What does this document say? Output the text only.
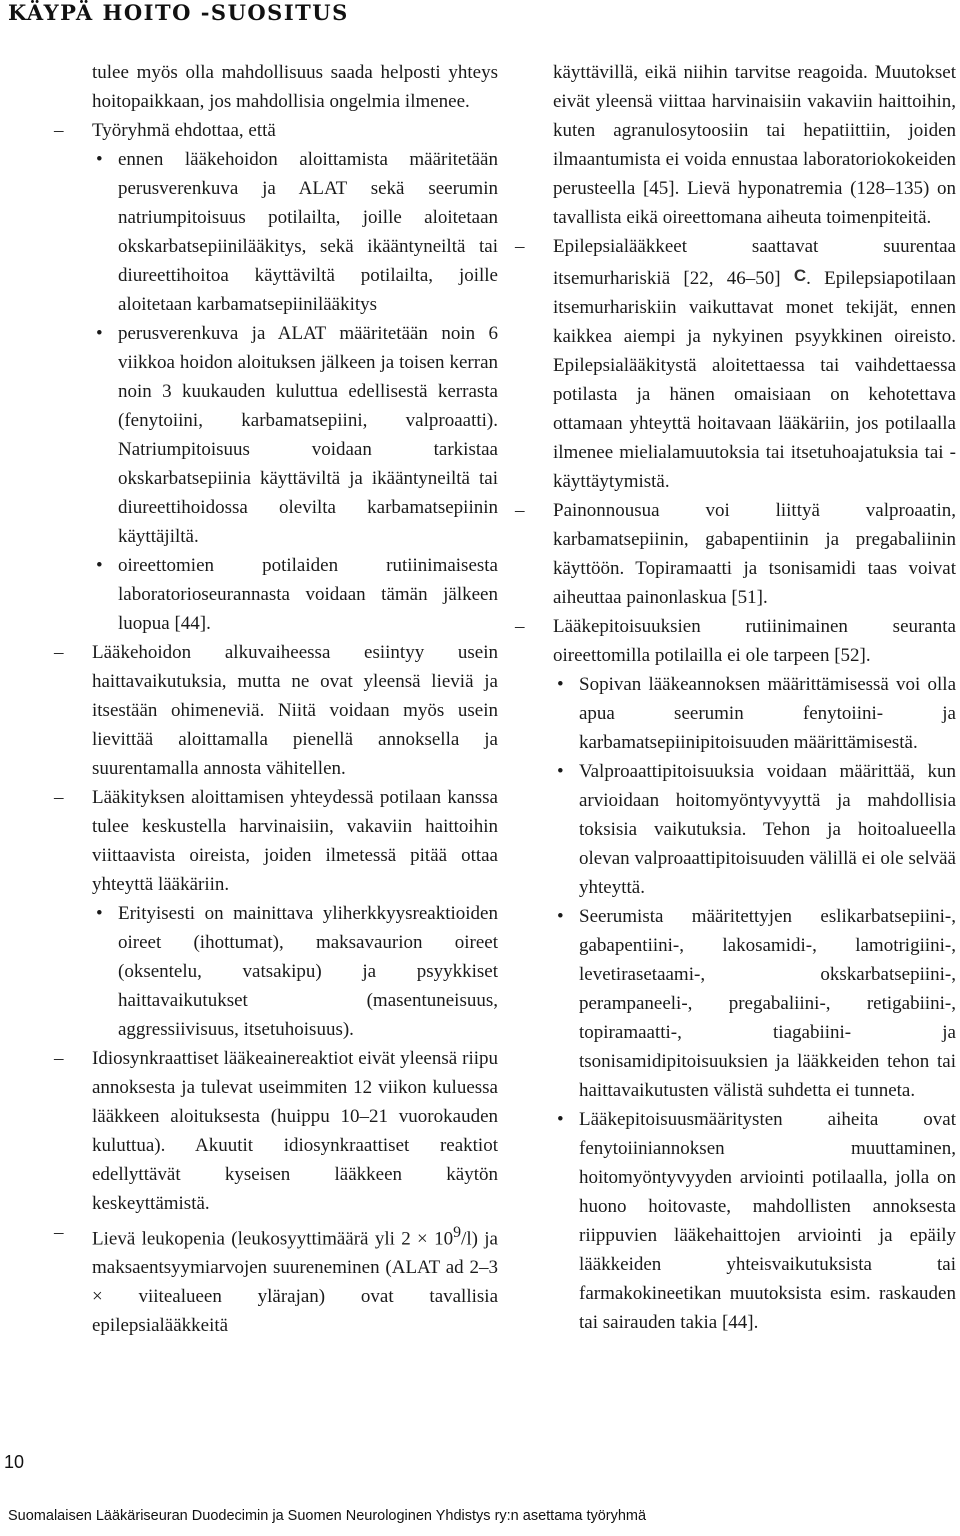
KÄYPÄ HOITO -SUOSITUS

tulee myös olla mahdollisuus saada helposti yhteys hoitopaikkaan, jos mahdollisia ongelmia ilmenee.

– Työryhmä ehdottaa, että
• ennen lääkehoidon aloittamista määritetään perusverenkuva ja ALAT sekä seerumin natriumpitoisuus potilailta, joille aloitetaan okskarbatsepiinilääkitys, sekä ikääntyneiltä tai diureettihoitoa käyttäviltä potilailta, joille aloitetaan karbamatsepiinilääkitys
• perusverenkuva ja ALAT määritetään noin 6 viikkoa hoidon aloituksen jälkeen ja toisen kerran noin 3 kuukauden kuluttua edellisestä kerrasta (fenytoiini, karbamatsepiini, valproaatti). Natriumpitoisuus voidaan tarkistaa okskarbatsepiinia käyttäviltä ja ikääntyneiltä tai diureettihoidossa olevilta karbamatsepiinin käyttäjiltä.
• oireettomien potilaiden rutiinimaisesta laboratorioseurannasta voidaan tämän jälkeen luopua [44].
– Lääkehoidon alkuvaiheessa esiintyy usein haittavaikutuksia, mutta ne ovat yleensä lieviä ja itsestään ohimeneviä. Niitä voidaan myös usein lievittää aloittamalla pienellä annoksella ja suurentamalla annosta vähitellen.
– Lääkityksen aloittamisen yhteydessä potilaan kanssa tulee keskustella harvinaisiin, vakaviin haittoihin viittaavista oireista, joiden ilmetessä pitää ottaa yhteyttä lääkäriin.
• Erityisesti on mainittava yliherkkyysreaktioiden oireet (ihottumat), maksavaurion oireet (oksentelu, vatsakipu) ja psyykkiset haittavaikutukset (masentuneisuus, aggressiivisuus, itsetuhoisuus).
– Idiosynkraattiset lääkeainereaktiot eivät yleensä riipu annoksesta ja tulevat useimmiten 12 viikon kuluessa lääkkeen aloituksesta (huippu 10–21 vuorokauden kuluttua). Akuutit idiosynkraattiset reaktiot edellyttävät kyseisen lääkkeen käytön keskeyttämistä.
– Lievä leukopenia (leukosyyttimäärä yli $2 \times 10^9/l$) ja maksaentsyymiarvojen suureneminen (ALAT ad 2–3 × viitealueen ylärajan) ovat tavallisia epilepsialääkkeitä

käyttävillä, eikä niihin tarvitse reagoida. Muutokset eivät yleensä viittaa harvinaisiin vakaviin haittoihin, kuten agranulosytoosiin tai hepatiittiin, joiden ilmaantumista ei voida ennustaa laboratoriokokeiden perusteella [45]. Lievä hyponatremia (128–135) on tavallista eikä oireettomana aiheuta toimenpiteitä.

– Epilepsialääkkeet saattavat suurentaa itsemurhariskiä [22, 46–50] C. Epilepsiapotilaan itsemurhariskiin vaikuttavat monet tekijät, ennen kaikkea aiempi ja nykyinen psyykkinen oireisto. Epilepsialääkitystä aloitettaessa tai vaihdettaessa potilasta ja hänen omaisiaan on kehotettava ottamaan yhteyttä hoitavaan lääkäriin, jos potilaalla ilmenee mielialamuutoksia tai itsetuhoajatuksia tai -käyttäytymistä.
– Painonnousua voi liittyä valproaatin, karbamatsepiinin, gabapentiinin ja pregabaliinin käyttöön. Topiramaatti ja tsonisamidi taas voivat aiheuttaa painonlaskua [51].
– Lääkepitoisuuksien rutiinimainen seuranta oireettomilla potilailla ei ole tarpeen [52].
• Sopivan lääkeannoksen määrittämisessä voi olla apua seerumin fenytoiini- ja karbamatsepiinipitoisuuden määrittämisestä.
• Valproaattipitoisuuksia voidaan määrittää, kun arvioidaan hoitomyöntyvyyttä ja mahdollisia toksisia vaikutuksia. Tehon ja hoitoalueella olevan valproaattipitoisuuden välillä ei ole selvää yhteyttä.
• Seerumista määritettyjen eslikarbatsepiini-, gabapentiini-, lakosamidi-, lamotrigiini-, levetirasetaami-, okskarbatsepiini-, perampaneeli-, pregabaliini-, retigabiini-, topiramaatti-, tiagabiini- ja tsonisamidipitoisuuksien ja lääkkeiden tehon tai haittavaikutusten välistä suhdetta ei tunneta.
• Lääkepitoisuusmääritysten aiheita ovat fenytoiiniannoksen muuttaminen, hoitomyöntyvyyden arviointi potilaalla, jolla on huono hoitovaste, mahdollisten annoksesta riippuvien lääkehaittojen arviointi ja epäily lääkkeiden yhteisvaikutuksista tai farmakokineetikan muutoksista esim. raskauden tai sairauden takia [44].
10
Suomalaisen Lääkäriseuran Duodecimin ja Suomen Neurologinen Yhdistys ry:n asettama työryhmä
